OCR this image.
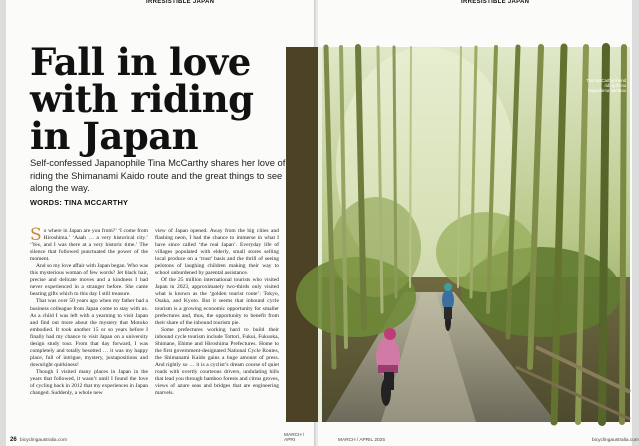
IRRESISTIBLE JAPAN
Fall in love with riding in Japan
Self-confessed Japanophile Tina McCarthy shares her love of riding the Shimanami Kaido route and the great things to see along the way.
WORDS: TINA MCCARTHY

So where in Japan are you from?’ ‘I come from Hiroshima.’ ‘Aaah … a very historical city.’ ‘Yes, and I was there at a very historic time.’ The silence that followed punctuated the power of the moment.

And so my love affair with Japan began. Who was this mysterious woman of few words? Jet black hair, precise and delicate moves and a kindness I had never experienced in a stranger before. She came bearing gifts which to this day I still treasure.

That was over 50 years ago when my father had a business colleague from Japan come to stay with us. As a child I was left with a yearning to visit Japan and find out more about the mystery that Motoko embodied. It took another 15 or so years before I finally had my chance to visit Japan on a university design study tour. From that day forward, I was completely and totally besotted … it was my happy place, full of intrigue, mystery, juxtapositions and downright quirkiness!

Though I visited many places in Japan in the years that followed, it wasn’t until I found the love of cycling back in 2012 that my experiences in Japan changed. Suddenly, a whole new

view of Japan opened. Away from the big cities and flashing neon, I had the chance to immerse in what I have since called ‘the real Japan’. Everyday life of villages populated with elderly, small stores selling local produce on a ‘trust’ basis and the thrill of seeing pelotons of laughing children making their way to school unburdened by parental assistance.

Of the 25 million international tourists who visited Japan in 2023, approximately two-thirds only visited what is known as the ‘golden tourist route’: Tokyo, Osaka, and Kyoto. But it seems that inbound cycle tourism is a growing economic opportunity for smaller prefectures and, thus, the opportunity to benefit from their share of the inbound tourism pie.

Some prefectures working hard to build their inbound cycle tourism include Tottori, Fukui, Fukuoka, Shimane, Ehime and Hiroshima Prefectures. Home to the first government-designated National Cycle Routes, the Shimanami Kaido gains a huge amount of press. And rightly so … it is a cyclist’s dream course of quiet roads with overtly courteous drivers, undulating hills that lead you through bamboo forests and citrus groves, views of azure seas and bridges that are engineering marvels.

26 bicyclingaustralia.com
MARCH / APRI
IRRESISTIBLE JAPAN
MARCH / APRIL 2025	bicyclingaustralia.com
Tina McCarthy friend riding throu Sagashima bamboo
